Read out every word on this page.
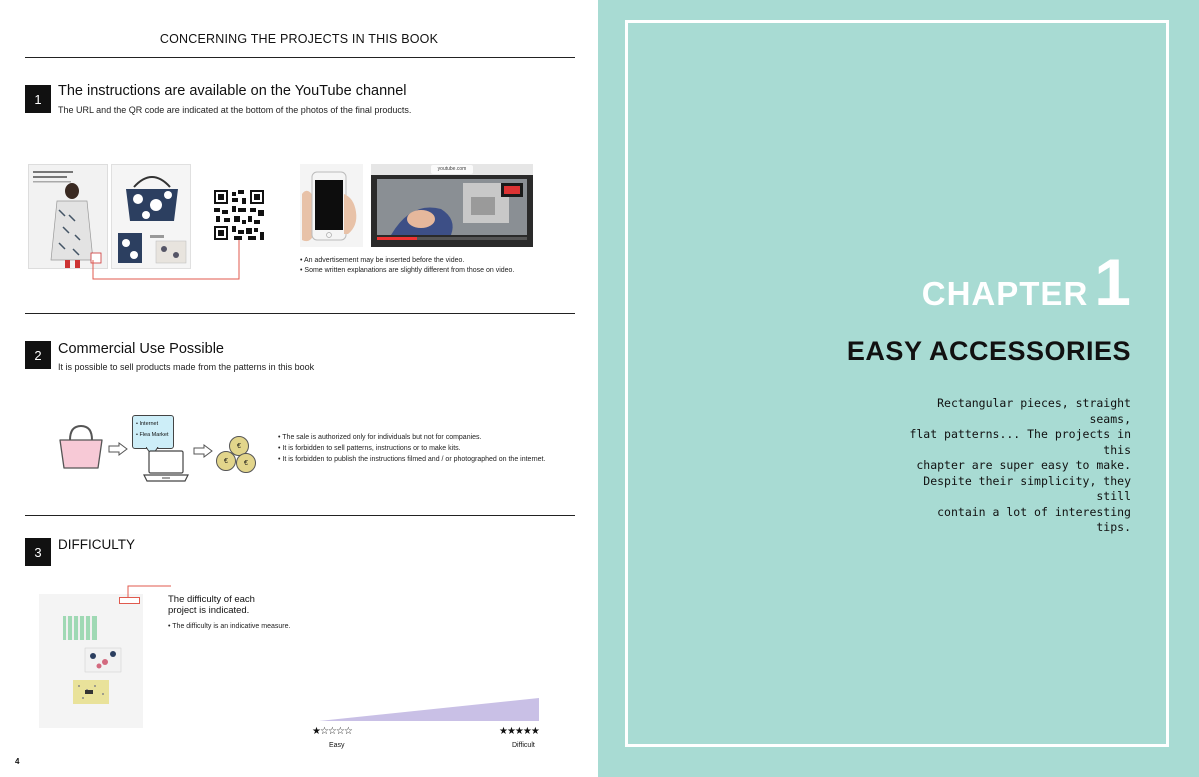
CONCERNING THE PROJECTS IN THIS BOOK
1	The instructions are available on the YouTube channel
The URL and the QR code are indicated at the bottom of the photos of the final products.
youtube.com
• An advertisement may be inserted before the video.
• Some written explanations are slightly different from those on video.
2	Commercial Use Possible
It is possible to sell products made from the patterns in this book
• Internet
• Flea Market
€
€ €
• The sale is authorized only for individuals but not for companies.
• It is forbidden to sell patterns, instructions or to make kits.
• It is forbidden to publish the instructions filmed and / or photographed on the internet.
3	DIFFICULTY
The difficulty of each
project is indicated.
• The difficulty is an indicative measure.
★☆☆☆☆
Easy
★★★★★
Difficult
4
CHAPTER1
EASY ACCESSORIES
Rectangular pieces, straight seams,
flat patterns... The projects in this
chapter are super easy to make.
Despite their simplicity, they still
contain a lot of interesting tips.
